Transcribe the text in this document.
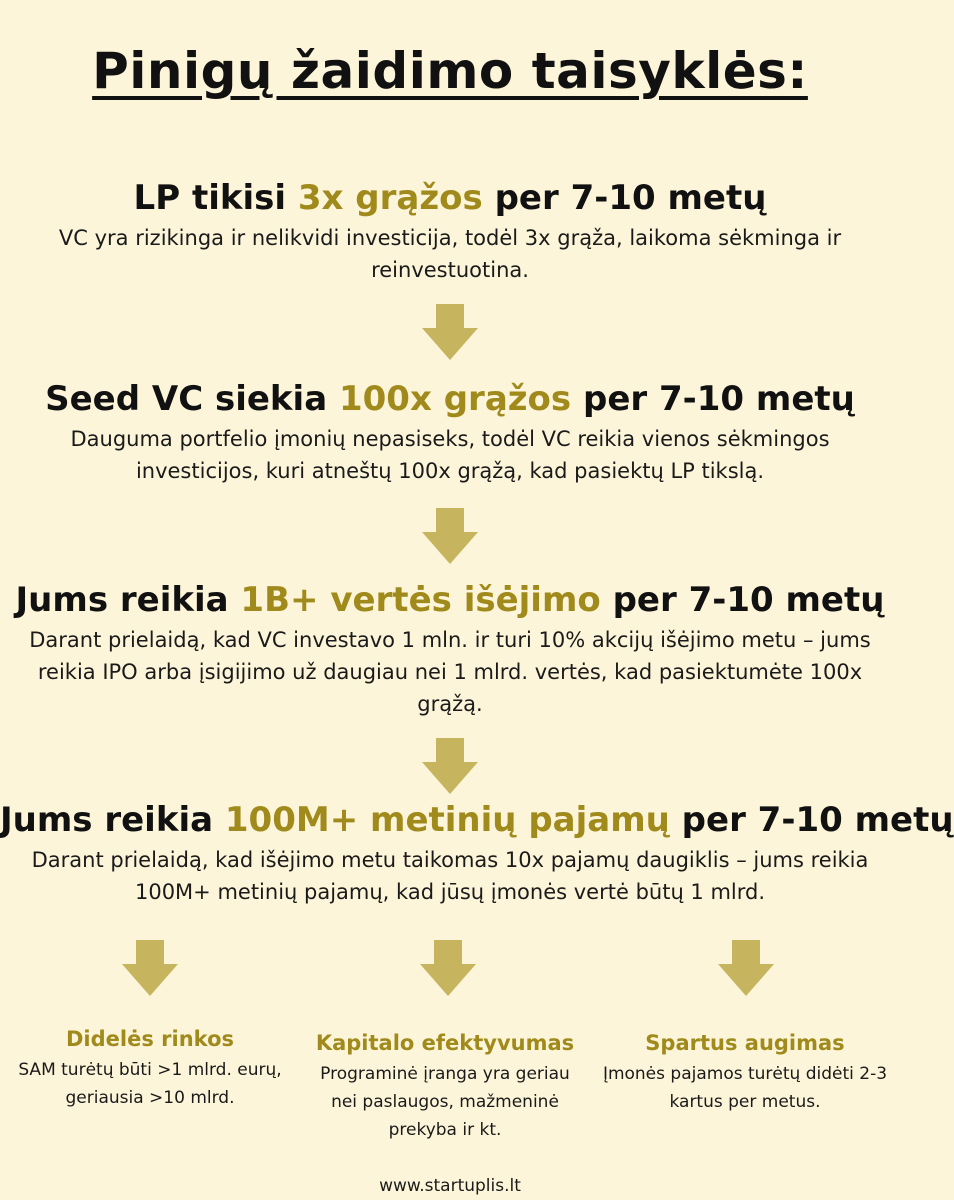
Pinigų žaidimo taisyklės:

LP tikisi 3x grąžos per 7-10 metų

VC yra rizikinga ir nelikvidi investicija, todėl 3x grąža, laikoma sėkminga ir reinvestuotina.

Seed VC siekia 100x grąžos per 7-10 metų

Dauguma portfelio įmonių nepasiseks, todėl VC reikia vienos sėkmingos investicijos, kuri atneštų 100x grąžą, kad pasiektų LP tikslą.

Jums reikia 1B+ vertės išėjimo per 7-10 metų

Darant prielaidą, kad VC investavo 1 mln. ir turi 10% akcijų išėjimo metu – jums reikia IPO arba įsigijimo už daugiau nei 1 mlrd. vertės, kad pasiektumėte 100x grąžą.

Jums reikia 100M+ metinių pajamų per 7-10 metų

Darant prielaidą, kad išėjimo metu taikomas 10x pajamų daugiklis – jums reikia 100M+ metinių pajamų, kad jūsų įmonės vertė būtų 1 mlrd.

Didelės rinkos

SAM turėtų būti >1 mlrd. eurų, geriausia >10 mlrd.

Kapitalo efektyvumas

Programinė įranga yra geriau nei paslaugos, mažmeninė prekyba ir kt.

Spartus augimas

Įmonės pajamos turėtų didėti 2-3 kartus per metus.

www.startuplis.lt
